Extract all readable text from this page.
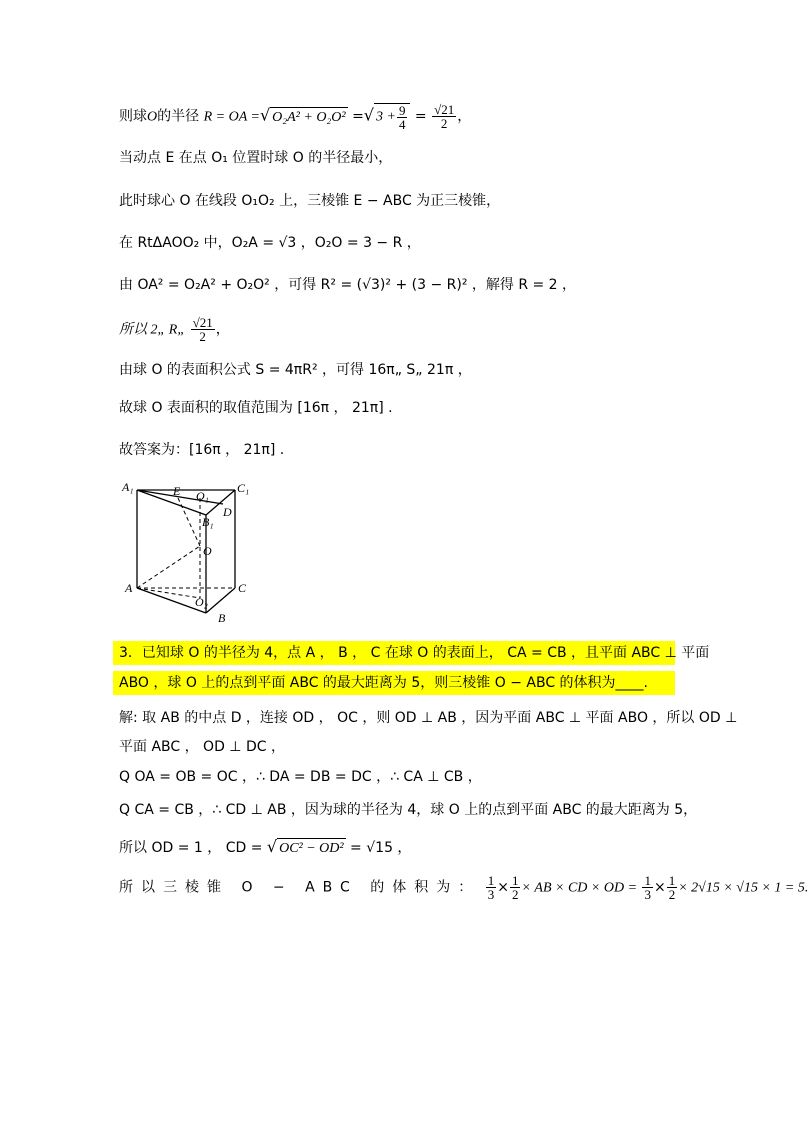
则球O的半径 R = OA =√ O₂A² + O₂O² =√ $3 + \frac{9}{4} = \frac{√21}{2}$ ，
当动点 E 在点 O₁ 位置时球 O 的半径最小，
此时球心 O 在线段 O₁O₂ 上，三棱锥 E − ABC 为正三棱锥，
在 RtΔAOO₂ 中，O₂A = √3 ，O₂O = 3 − R ，
由 OA² = O₂A² + O₂O² ，可得 R² = (√3)² + (3 − R)² ，解得 R = 2 ，
所以 2„ R„ $\frac{√21}{2}$ ，
由球 O 的表面积公式 S = 4πR² ，可得 16π„ S„ 21π ，
故球 O 表面积的取值范围为 [16π ， 21π] .
故答案为：[16π ， 21π] .
A₁	E O₁
C₁
B₁
D
O
A	C
O₂
B
3．已知球 O 的半径为 4，点 A ， B ， C 在球 O 的表面上， CA = CB ，且平面 ABC ⊥ 平面
ABO ，球 O 上的点到平面 ABC 的最大距离为 5，则三棱锥 O − ABC 的体积为____.
解: 取 AB 的中点 D ，连接 OD ， OC ，则 OD ⊥ AB ，因为平面 ABC ⊥ 平面 ABO ，所以 OD ⊥
平面 ABC ， OD ⊥ DC ，
Q OA = OB = OC ，∴ DA = DB = DC ，∴ CA ⊥ CB ，
Q CA = CB ，∴ CD ⊥ AB ，因为球的半径为 4，球 O 上的点到平面 ABC 的最大距离为 5，
所以 OD = 1 ， CD = √ OC² − OD² = √15 ，
所以三棱锥 O − ABC 的体积为： $\frac{1}{3} \times \frac{1}{2}$ × AB × CD × OD = $\frac{1}{3} \times \frac{1}{2} \times 2√15 \times √15 \times 1 = 5$.
